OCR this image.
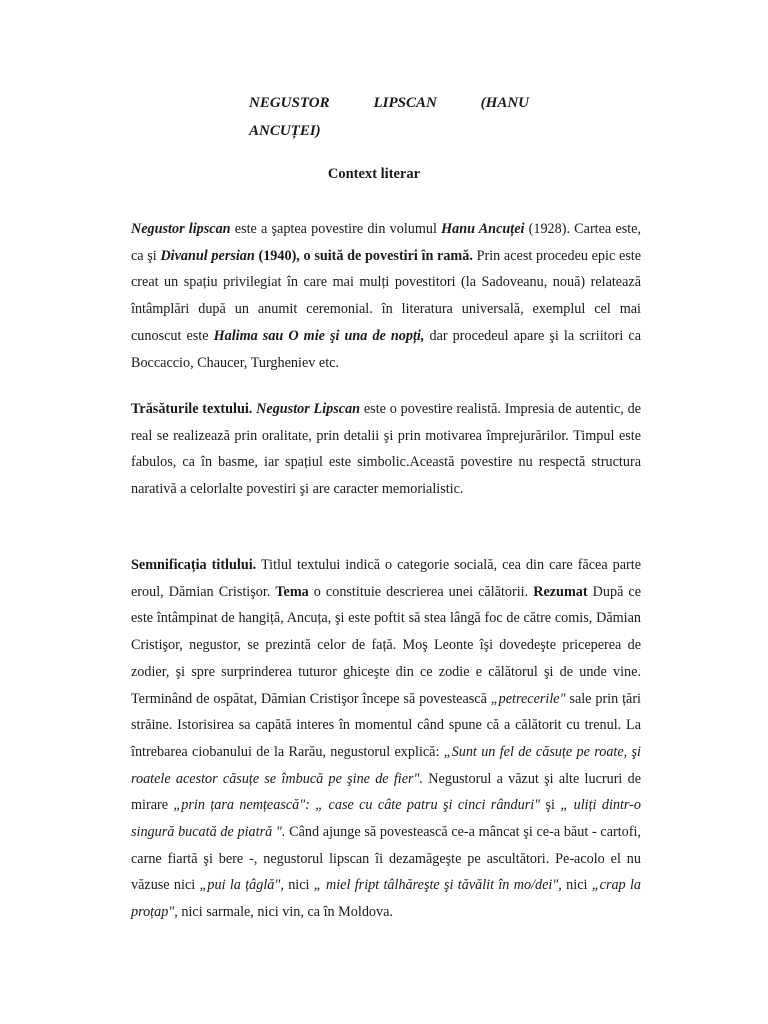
NEGUSTOR	LIPSCAN	(HANU
ANCUȚEI)
Context literar

Negustor lipscan este a şaptea povestire din volumul Hanu Ancuței (1928). Cartea este, ca şi Divanul persian (1940), o suită de povestiri în ramă. Prin acest procedeu epic este creat un spațiu privilegiat în care mai mulți povestitori (la Sadoveanu, nouă) relatează întâmplări după un anumit ceremonial. în literatura universală, exemplul cel mai cunoscut este Halima sau O mie şi una de nopți, dar procedeul apare şi la scriitori ca Boccaccio, Chaucer, Turgheniev etc.

Trăsăturile textului. Negustor Lipscan este o povestire realistă. Impresia de autentic, de real se realizează prin oralitate, prin detalii şi prin motivarea împrejurărilor. Timpul este fabulos, ca în basme, iar spațiul este simbolic.Această povestire nu respectă structura narativă a celorlalte povestiri şi are caracter memorialistic.

Semnificația titlului. Titlul textului indică o categorie socială, cea din care făcea parte eroul, Dămian Cristişor. Tema o constituie descrierea unei călătorii. Rezumat După ce este întâmpinat de hangiță, Ancuța, şi este poftit să stea lângă foc de către comis, Dămian Cristişor, negustor, se prezintă celor de față. Moş Leonte îşi dovedeşte priceperea de zodier, şi spre surprinderea tuturor ghiceşte din ce zodie e călătorul şi de unde vine. Terminând de ospătat, Dămian Cristişor începe să povestească „petrecerile" sale prin țări străine. Istorisirea sa capătă interes în momentul când spune că a călătorit cu trenul. La întrebarea ciobanului de la Rarău, negustorul explică: „Sunt un fel de căsuțe pe roate, şi roatele acestor căsuțe se îmbucă pe şine de fier". Negustorul a văzut şi alte lucruri de mirare „prin țara nemțească": „ case cu câte patru şi cinci rânduri" şi „ uliți dintr-o singură bucată de piatră ". Când ajunge să povestească ce-a mâncat şi ce-a băut - cartofi, carne fiartă şi bere -, negustorul lipscan îi dezamăgeşte pe ascultători. Pe-acolo el nu văzuse nici „pui la țâglă", nici „ miel fript tâlhăreşte şi tăvălit în mo/dei", nici „crap la proțap", nici sarmale, nici vin, ca în Moldova.
